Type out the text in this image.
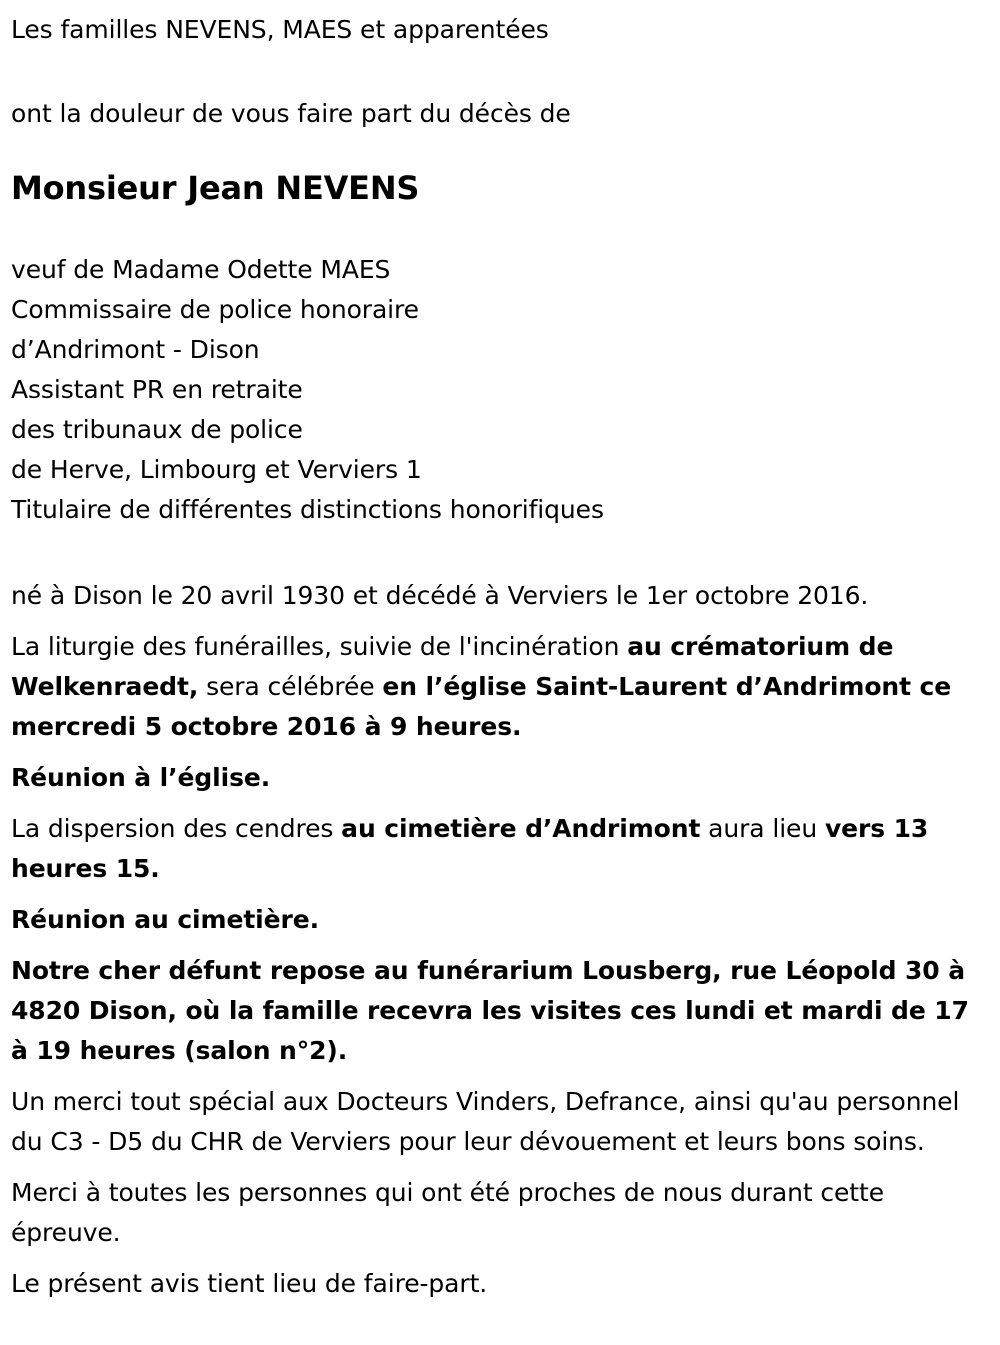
Les familles NEVENS, MAES et apparentées

ont la douleur de vous faire part du décès de

Monsieur Jean NEVENS
veuf de Madame Odette MAES
Commissaire de police honoraire
d’Andrimont - Dison
Assistant PR en retraite
des tribunaux de police
de Herve, Limbourg et Verviers 1
Titulaire de différentes distinctions honorifiques

né à Dison le 20 avril 1930 et décédé à Verviers le 1er octobre 2016.

La liturgie des funérailles, suivie de l'incinération au crématorium de Welkenraedt, sera célébrée en l’église Saint-Laurent d’Andrimont ce mercredi 5 octobre 2016 à 9 heures.

Réunion à l’église.

La dispersion des cendres au cimetière d’Andrimont aura lieu vers 13 heures 15.

Réunion au cimetière.

Notre cher défunt repose au funérarium Lousberg, rue Léopold 30 à 4820 Dison, où la famille recevra les visites ces lundi et mardi de 17 à 19 heures (salon n°2).

Un merci tout spécial aux Docteurs Vinders, Defrance, ainsi qu'au personnel du C3 - D5 du CHR de Verviers pour leur dévouement et leurs bons soins.

Merci à toutes les personnes qui ont été proches de nous durant cette épreuve.

Le présent avis tient lieu de faire-part.
